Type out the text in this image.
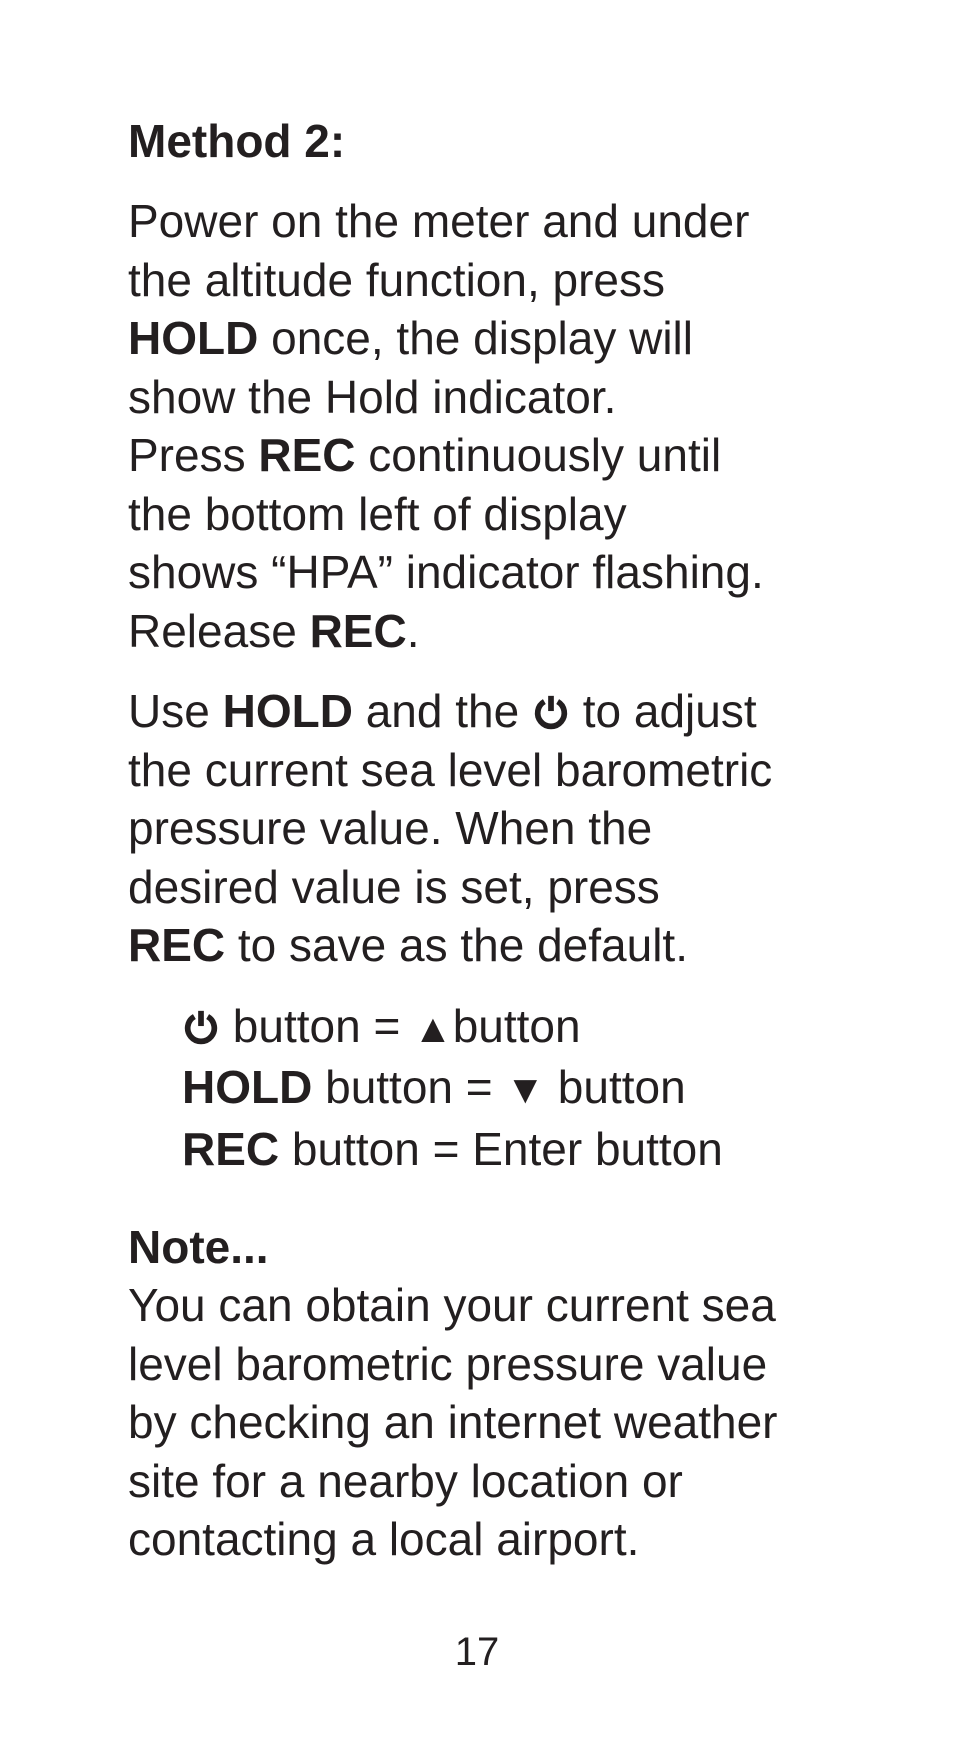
Method 2:
Power on the meter and under
the altitude function, press
HOLD once, the display will
show the Hold indicator.
Press REC continuously until
the bottom left of display
shows “HPA” indicator flashing.
Release REC.
Use HOLD and the  to adjust
the current sea level barometric
pressure value. When the
desired value is set, press
REC to save as the default.
button = ▲button
HOLD button = ▼ button
REC button = Enter button
Note...
You can obtain your current sea
level barometric pressure value
by checking an internet weather
site for a nearby location or
contacting a local airport.
17
